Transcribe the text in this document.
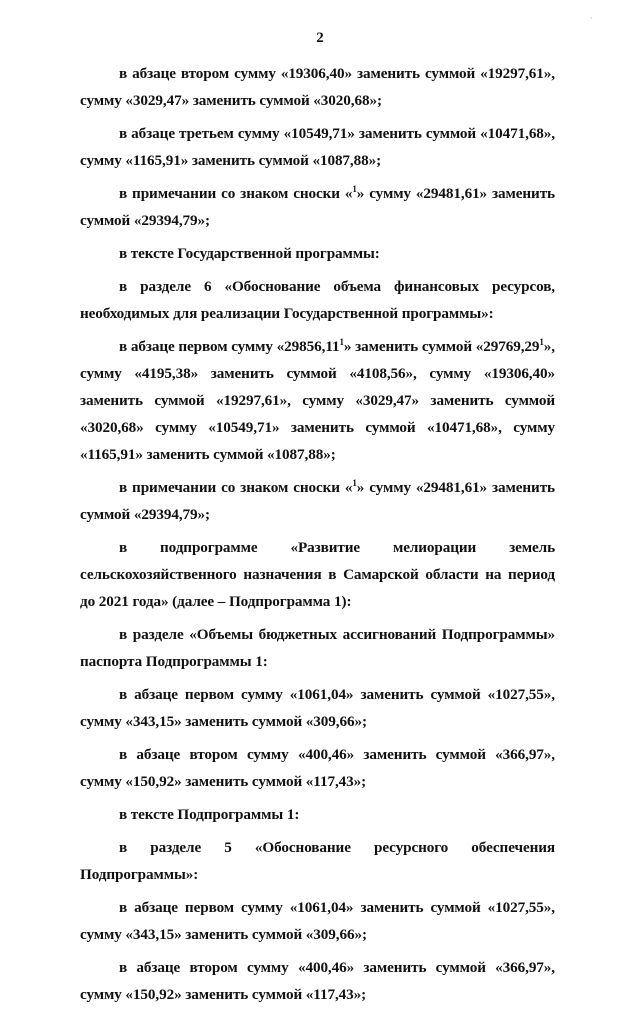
2

в абзаце втором сумму «19306,40» заменить суммой «19297,61», сумму «3029,47» заменить суммой «3020,68»;

в абзаце третьем сумму «10549,71» заменить суммой «10471,68», сумму «1165,91» заменить суммой «1087,88»;

в примечании со знаком сноски «$^1$» сумму «29481,61» заменить суммой «29394,79»;

в тексте Государственной программы:

в разделе 6 «Обоснование объема финансовых ресурсов, необходимых для реализации Государственной программы»:

в абзаце первом сумму «29856,11$^1$» заменить суммой «29769,29$^1$», сумму «4195,38» заменить суммой «4108,56», сумму «19306,40» заменить суммой «19297,61», сумму «3029,47» заменить суммой «3020,68» сумму «10549,71» заменить суммой «10471,68», сумму «1165,91» заменить суммой «1087,88»;

в примечании со знаком сноски «$^1$» сумму «29481,61» заменить суммой «29394,79»;

в подпрограмме «Развитие мелиорации земель сельскохозяйственного назначения в Самарской области на период до 2021 года» (далее – Подпрограмма 1):

в разделе «Объемы бюджетных ассигнований Подпрограммы» паспорта Подпрограммы 1:

в абзаце первом сумму «1061,04» заменить суммой «1027,55», сумму «343,15» заменить суммой «309,66»;

в абзаце втором сумму «400,46» заменить суммой «366,97», сумму «150,92» заменить суммой «117,43»;

в тексте Подпрограммы 1:

в разделе 5 «Обоснование ресурсного обеспечения Подпрограммы»:

в абзаце первом сумму «1061,04» заменить суммой «1027,55», сумму «343,15» заменить суммой «309,66»;

в абзаце втором сумму «400,46» заменить суммой «366,97», сумму «150,92» заменить суммой «117,43»;

·
